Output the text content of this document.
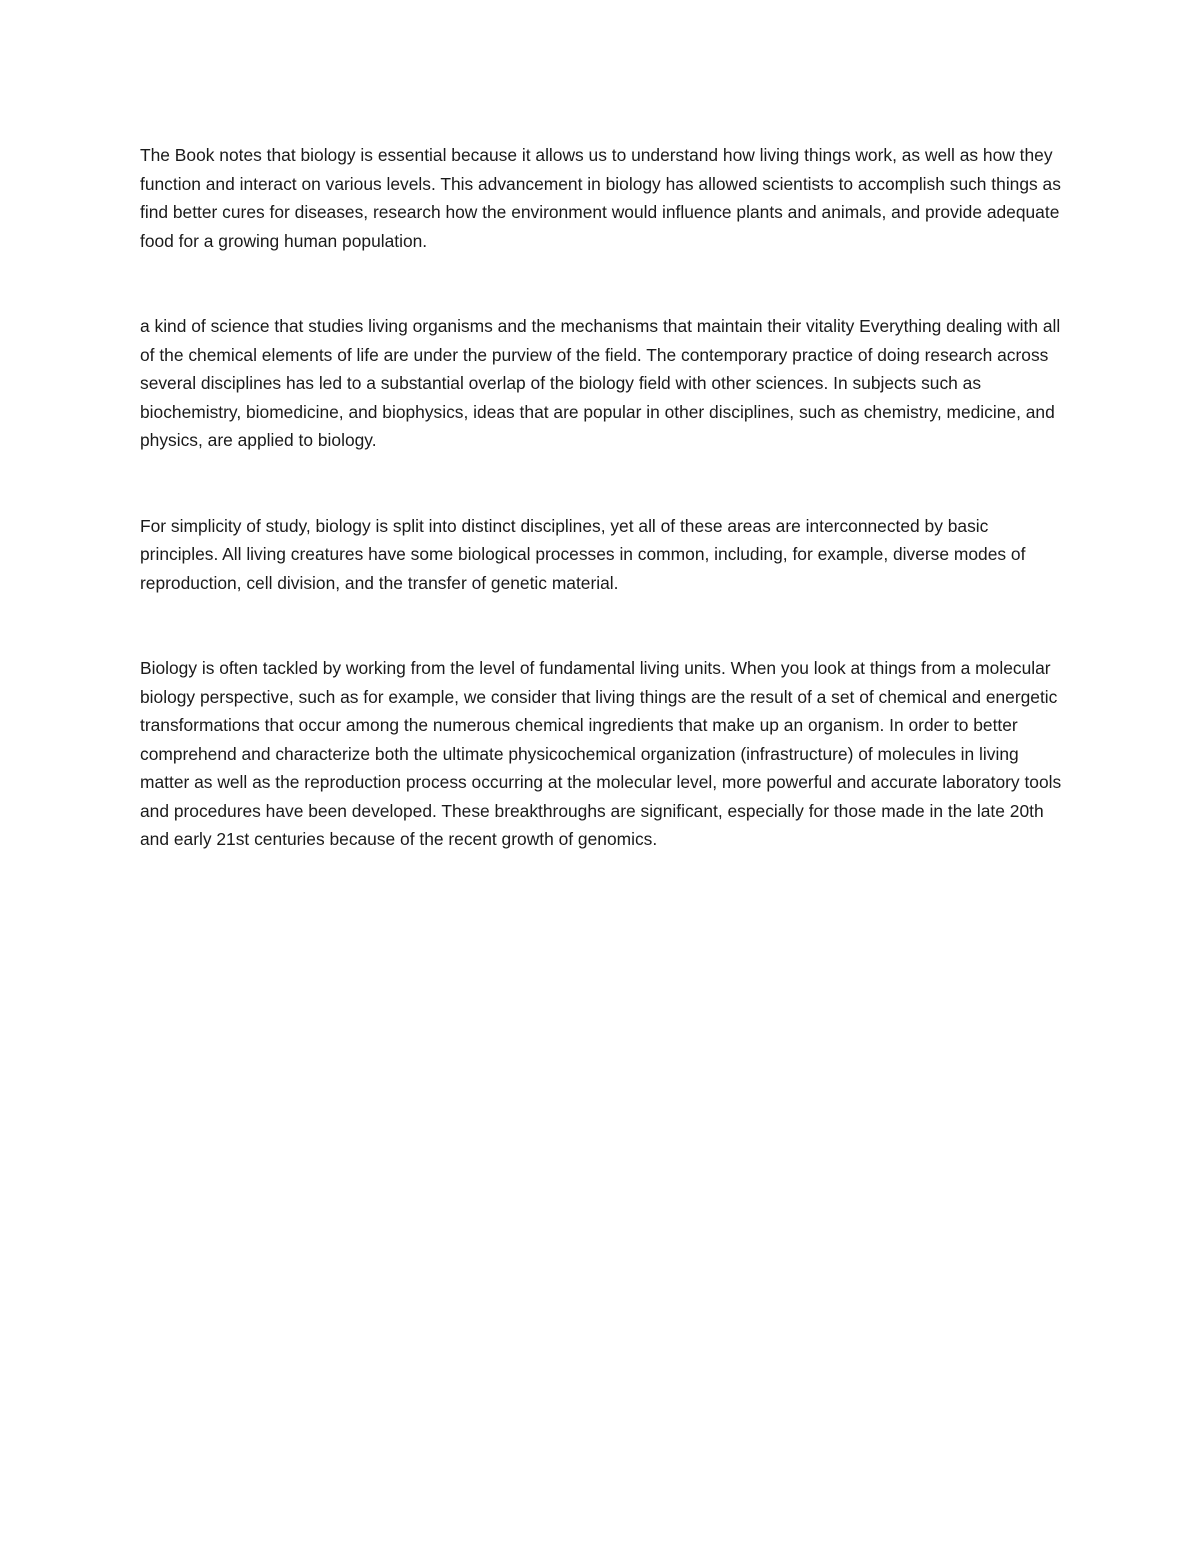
The Book notes that biology is essential because it allows us to understand how living things work, as well as how they function and interact on various levels. This advancement in biology has allowed scientists to accomplish such things as find better cures for diseases, research how the environment would influence plants and animals, and provide adequate food for a growing human population.

a kind of science that studies living organisms and the mechanisms that maintain their vitality Everything dealing with all of the chemical elements of life are under the purview of the field. The contemporary practice of doing research across several disciplines has led to a substantial overlap of the biology field with other sciences. In subjects such as biochemistry, biomedicine, and biophysics, ideas that are popular in other disciplines, such as chemistry, medicine, and physics, are applied to biology.

For simplicity of study, biology is split into distinct disciplines, yet all of these areas are interconnected by basic principles. All living creatures have some biological processes in common, including, for example, diverse modes of reproduction, cell division, and the transfer of genetic material.

Biology is often tackled by working from the level of fundamental living units. When you look at things from a molecular biology perspective, such as for example, we consider that living things are the result of a set of chemical and energetic transformations that occur among the numerous chemical ingredients that make up an organism. In order to better comprehend and characterize both the ultimate physicochemical organization (infrastructure) of molecules in living matter as well as the reproduction process occurring at the molecular level, more powerful and accurate laboratory tools and procedures have been developed. These breakthroughs are significant, especially for those made in the late 20th and early 21st centuries because of the recent growth of genomics.
